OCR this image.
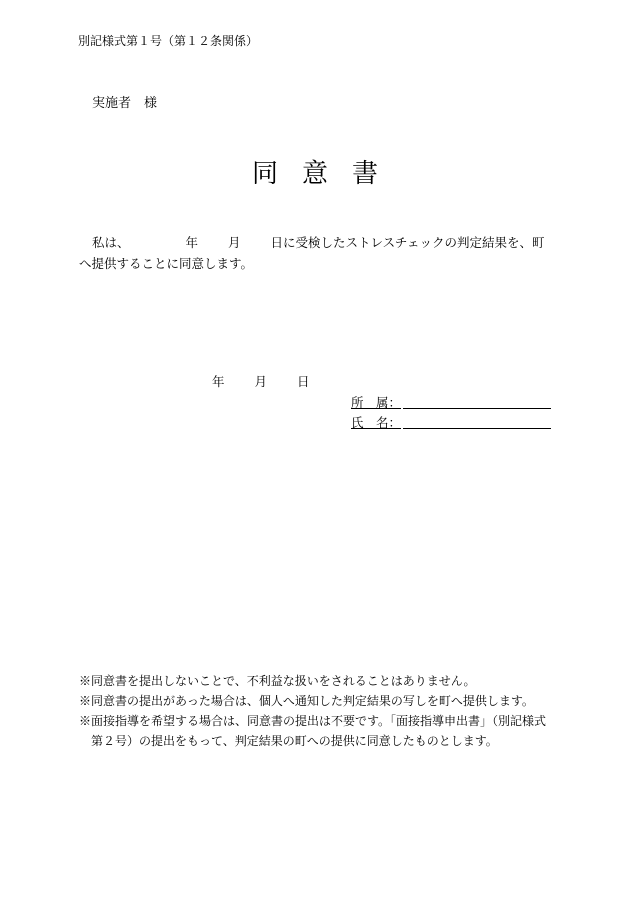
別記様式第１号（第１２条関係）
実施者　様
同意書
私は、	年 月 日に受検したストレスチェックの判定結果を、町
へ提供することに同意します。
年 月 日
所　属：
氏　名：
※同意書を提出しないことで、不利益な扱いをされることはありません。
※同意書の提出があった場合は、個人へ通知した判定結果の写しを町へ提供します。
※面接指導を希望する場合は、同意書の提出は不要です。「面接指導申出書」（別記様式
第２号）の提出をもって、判定結果の町への提供に同意したものとします。
